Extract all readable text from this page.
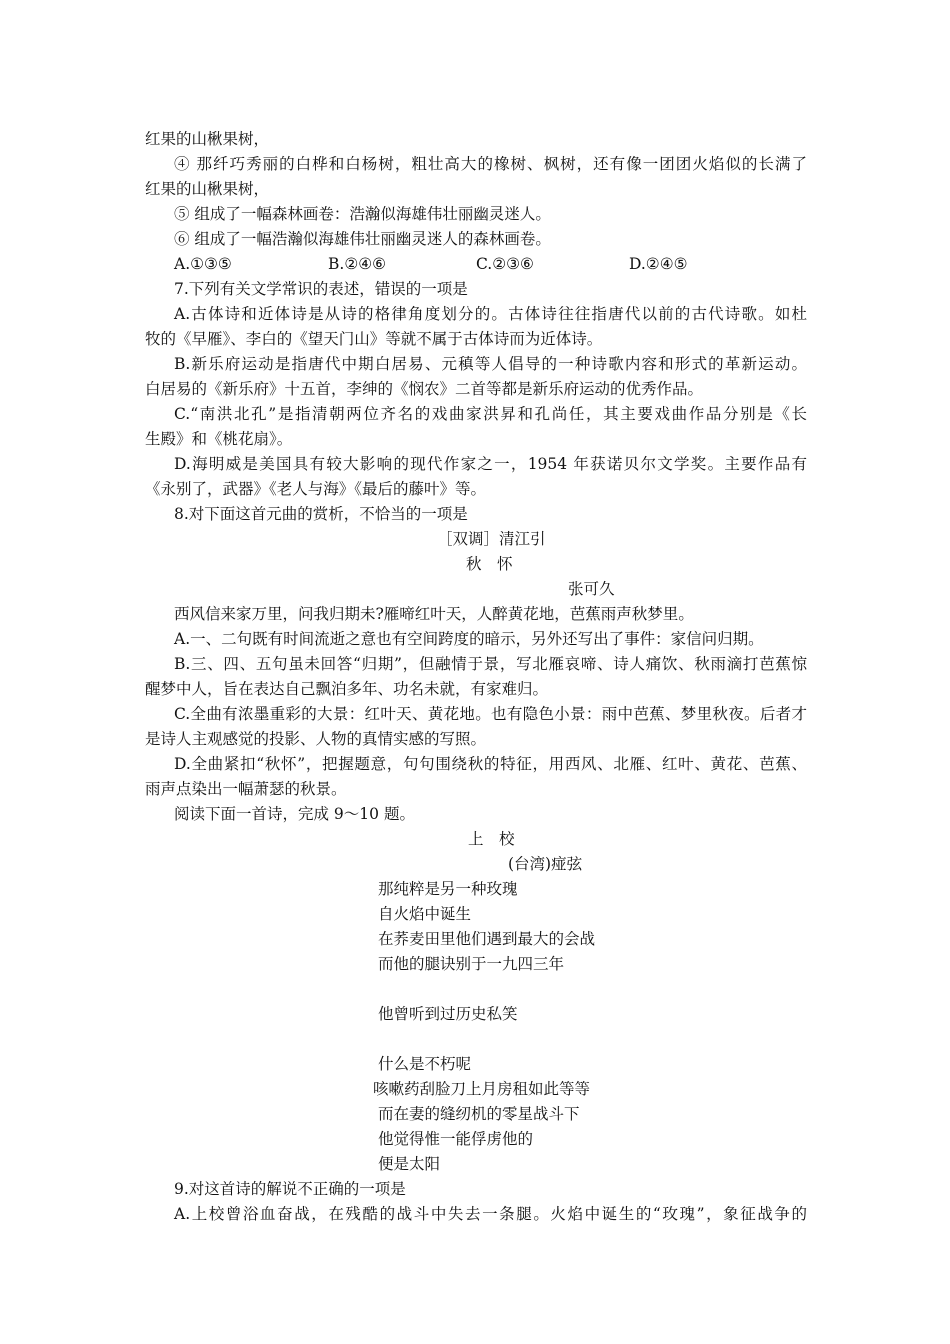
红果的山楸果树，
④ 那纤巧秀丽的白桦和白杨树，粗壮高大的橡树、枫树，还有像一团团火焰似的长满了
红果的山楸果树，
⑤ 组成了一幅森林画卷：浩瀚似海雄伟壮丽幽灵迷人。
⑥ 组成了一幅浩瀚似海雄伟壮丽幽灵迷人的森林画卷。
A.①③⑤	B.②④⑥	C.②③⑥	D.②④⑤
7.下列有关文学常识的表述，错误的一项是
A.古体诗和近体诗是从诗的格律角度划分的。古体诗往往指唐代以前的古代诗歌。如杜
牧的《早雁》、李白的《望天门山》等就不属于古体诗而为近体诗。
B.新乐府运动是指唐代中期白居易、元稹等人倡导的一种诗歌内容和形式的革新运动。
白居易的《新乐府》十五首，李绅的《悯农》二首等都是新乐府运动的优秀作品。
C.“南洪北孔”是指清朝两位齐名的戏曲家洪昇和孔尚任，其主要戏曲作品分别是《长
生殿》和《桃花扇》。
D.海明威是美国具有较大影响的现代作家之一，1954 年获诺贝尔文学奖。主要作品有
《永别了，武器》《老人与海》《最后的藤叶》等。
8.对下面这首元曲的赏析，不恰当的一项是
［双调］清江引
秋　怀
张可久
西风信来家万里，问我归期未?雁啼红叶天，人醉黄花地，芭蕉雨声秋梦里。
A.一、二句既有时间流逝之意也有空间跨度的暗示，另外还写出了事件：家信问归期。
B.三、四、五句虽未回答“归期”，但融情于景，写北雁哀啼、诗人痛饮、秋雨滴打芭蕉惊
醒梦中人，旨在表达自己飘泊多年、功名未就，有家难归。
C.全曲有浓墨重彩的大景：红叶天、黄花地。也有隐色小景：雨中芭蕉、梦里秋夜。后者才
是诗人主观感觉的投影、人物的真情实感的写照。
D.全曲紧扣“秋怀”，把握题意，句句围绕秋的特征，用西风、北雁、红叶、黄花、芭蕉、
雨声点染出一幅萧瑟的秋景。
阅读下面一首诗，完成 9～10 题。
上　校
(台湾)痖弦
那纯粹是另一种玫瑰
自火焰中诞生
在荞麦田里他们遇到最大的会战
而他的腿诀别于一九四三年
他曾听到过历史私笑
什么是不朽呢
咳嗽药刮脸刀上月房租如此等等
而在妻的缝纫机的零星战斗下
他觉得惟一能俘虏他的
便是太阳
9.对这首诗的解说不正确的一项是
A.上校曾浴血奋战，在残酷的战斗中失去一条腿。火焰中诞生的“玫瑰”，象征战争的
